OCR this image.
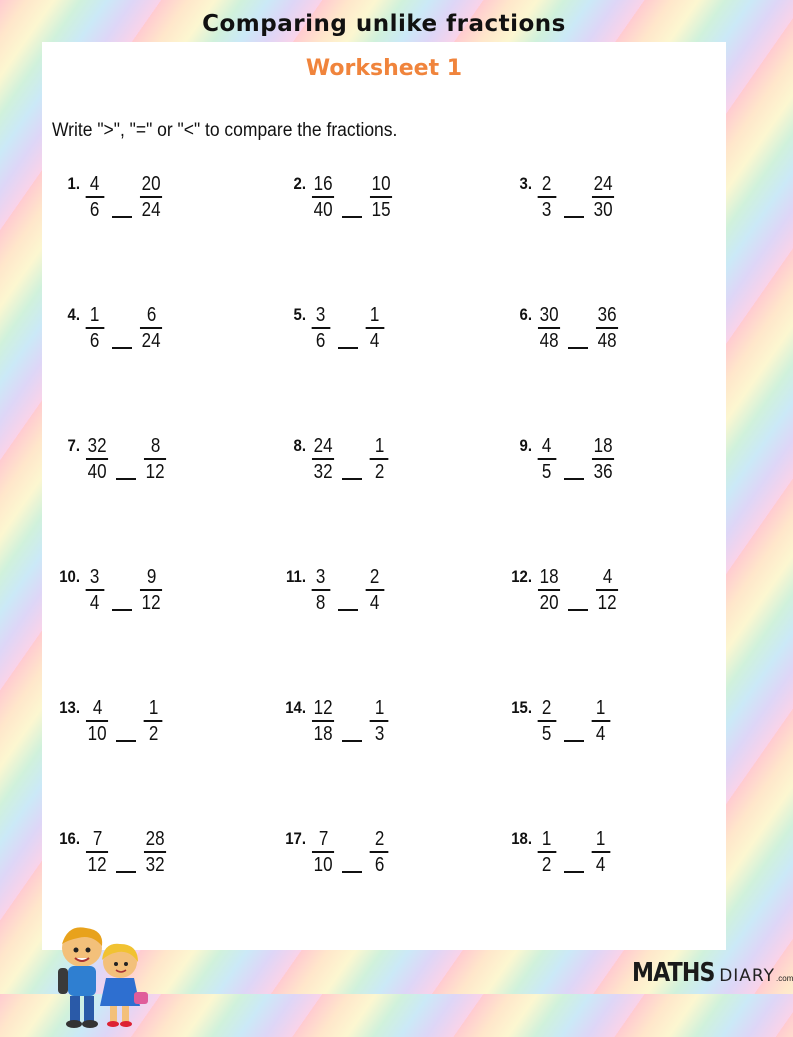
Comparing unlike fractions
Worksheet 1

Write ">", "=" or "<" to compare the fractions.

1. $\frac{4}{6} \frac{20}{24}$	2. $\frac{16}{40} \frac{10}{15}$	3. $\frac{2}{3} \frac{24}{30}$
4. $\frac{1}{6} \frac{6}{24}$	5. $\frac{3}{6} \frac{1}{4}$	6. $\frac{30}{48} \frac{36}{48}$
7. $\frac{32}{40} \frac{8}{12}$	8. $\frac{24}{32} \frac{1}{2}$	9. $\frac{4}{5} \frac{18}{36}$
10. $\frac{3}{4} \frac{9}{12}$	11. $\frac{3}{8} \frac{2}{4}$	12. $\frac{18}{20} \frac{4}{12}$
13. $\frac{4}{10} \frac{1}{2}$	14. $\frac{12}{18} \frac{1}{3}$	15. $\frac{2}{5} \frac{1}{4}$
16. $\frac{7}{12} \frac{28}{32}$	17. $\frac{7}{10} \frac{2}{6}$	18. $\frac{1}{2} \frac{1}{4}$
MATHS DIARY .com
